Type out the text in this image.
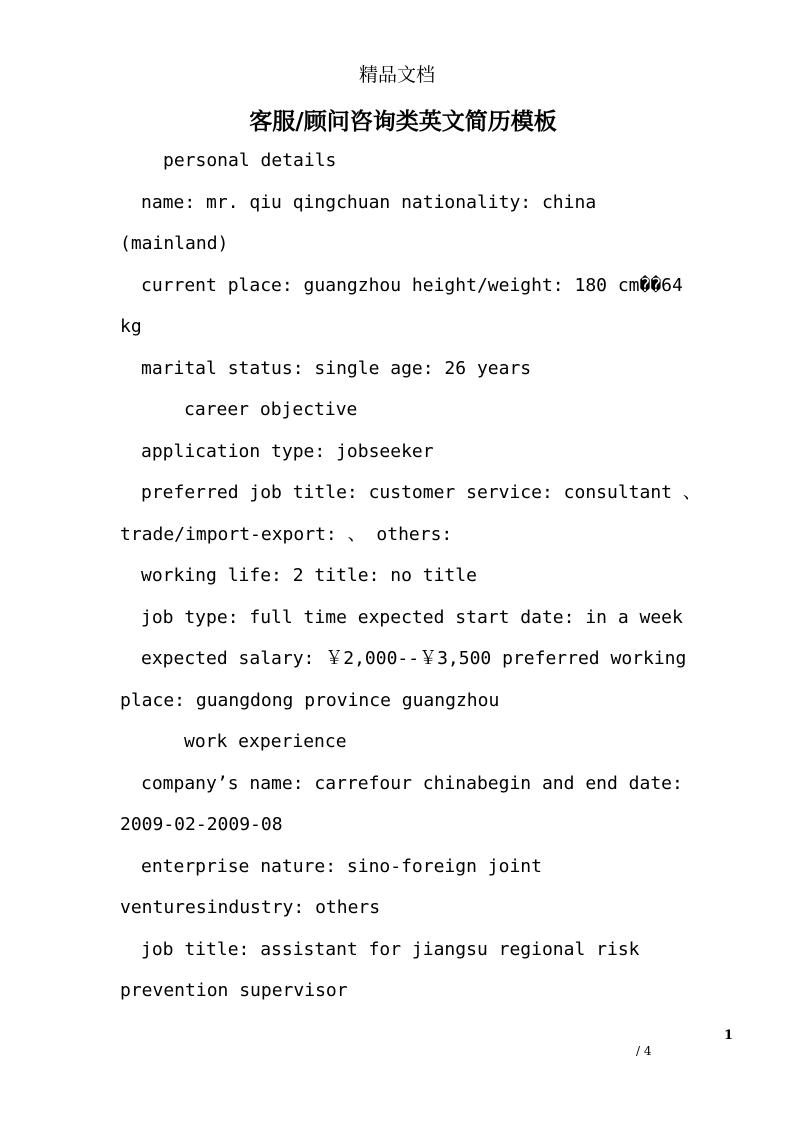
精品文档
客服/顾问咨询类英文简历模板
personal details
name: mr. qiu qingchuan nationality: china
(mainland)
current place: guangzhou height/weight: 180 cm��64
kg
marital status: single age: 26 years
career objective
application type: jobseeker
preferred job title: customer service: consultant 、
trade/import-export: 、 others:
working life: 2 title: no title
job type: full time expected start date: in a week
expected salary: ￥2,000--￥3,500 preferred working
place: guangdong province guangzhou
work experience
company’s name: carrefour chinabegin and end date:
2009-02-2009-08
enterprise nature: sino-foreign joint
venturesindustry: others
job title: assistant for jiangsu regional risk
prevention supervisor
1
/ 4
